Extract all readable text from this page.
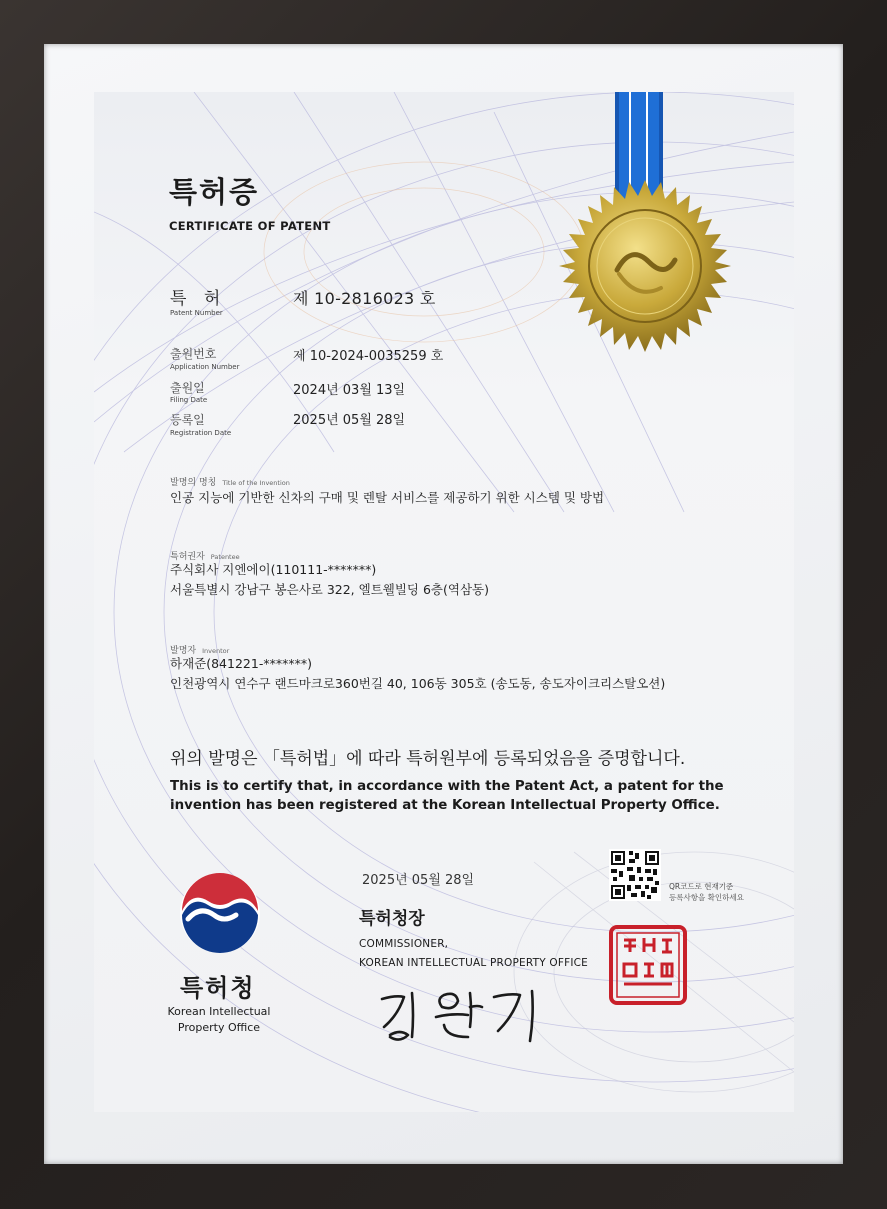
특허증
CERTIFICATE OF PATENT
특 허
Patent Number
제 10-2816023 호
출원번호
Application Number
제 10-2024-0035259 호
출원일
Filing Date
2024년 03월 13일
등록일
Registration Date
2025년 05월 28일
발명의 명칭 Title of the Invention
인공 지능에 기반한 신차의 구매 및 렌탈 서비스를 제공하기 위한 시스템 및 방법
특허권자 Patentee
주식회사 지엔에이(110111-*******)
서울특별시 강남구 봉은사로 322, 엘트웰빌딩 6층(역삼동)
발명자 Inventor
하재준(841221-*******)
인천광역시 연수구 랜드마크로360번길 40, 106동 305호 (송도동, 송도자이크리스탈오션)
위의 발명은 「특허법」에 따라 특허원부에 등록되었음을 증명합니다.
This is to certify that, in accordance with the Patent Act, a patent for the
invention has been registered at the Korean Intellectual Property Office.
특허청
Korean Intellectual
Property Office
2025년 05월 28일
특허청장
COMMISSIONER,
KOREAN INTELLECTUAL PROPERTY OFFICE
QR코드로 현재기준
등록사항을 확인하세요
